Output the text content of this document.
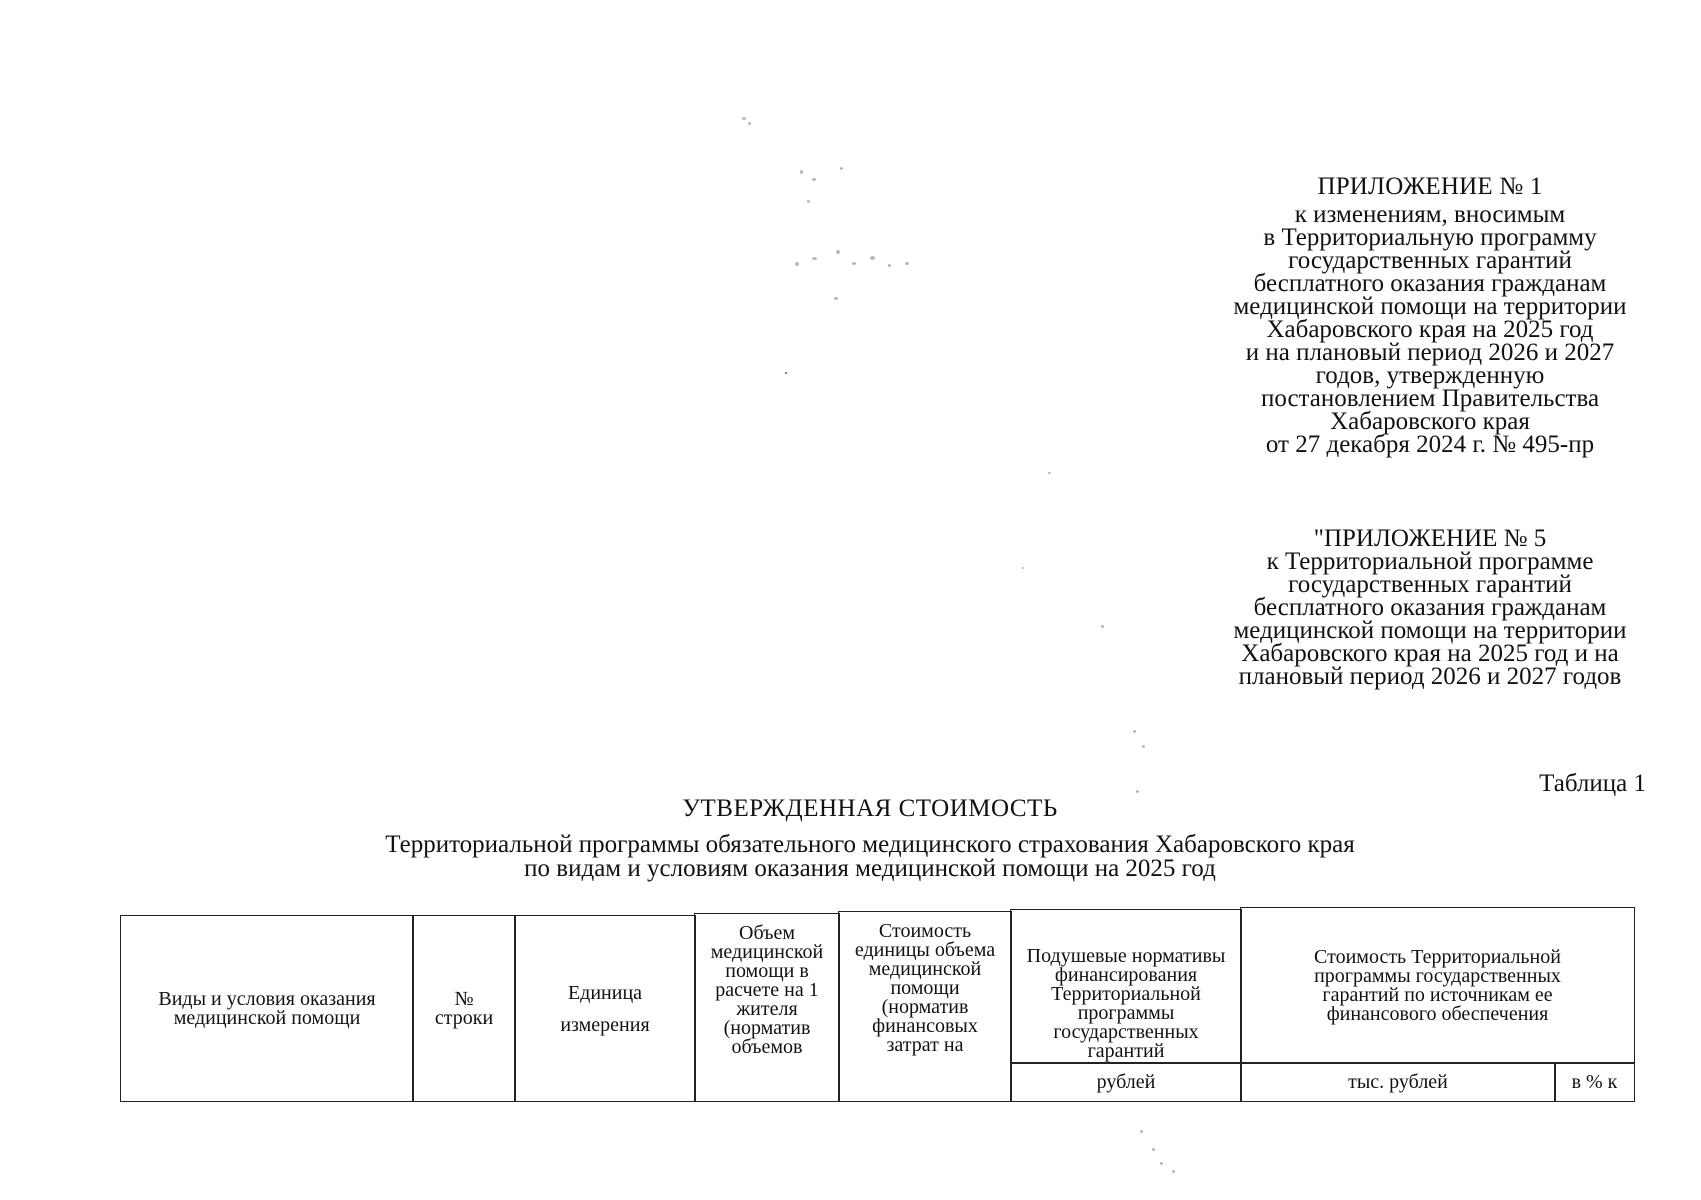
ПРИЛОЖЕНИЕ № 1
к изменениям, вносимым
в Территориальную программу
государственных гарантий
бесплатного оказания гражданам
медицинской помощи на территории
Хабаровского края на 2025 год
и на плановый период 2026 и 2027
годов, утвержденную
постановлением Правительства
Хабаровского края
от 27 декабря 2024 г. № 495-пр
"ПРИЛОЖЕНИЕ № 5
к Территориальной программе
государственных гарантий
бесплатного оказания гражданам
медицинской помощи на территории
Хабаровского края на 2025 год и на
плановый период 2026 и 2027 годов
Таблица 1
УТВЕРЖДЕННАЯ СТОИМОСТЬ
Территориальной программы обязательного медицинского страхования Хабаровского края
по видам и условиям оказания медицинской помощи на 2025 год
Виды и условия оказания медицинской помощи
№ строки
Единица измерения
Объем медицинской помощи в расчете на 1 жителя (норматив объемов
Стоимость единицы объема медицинской помощи (норматив финансовых затрат на
Подушевые нормативы финансирования Территориальной программы государственных гарантий
рублей
Стоимость Территориальной программы государственных гарантий по источникам ее финансового обеспечения
тыс. рублей	в % к
